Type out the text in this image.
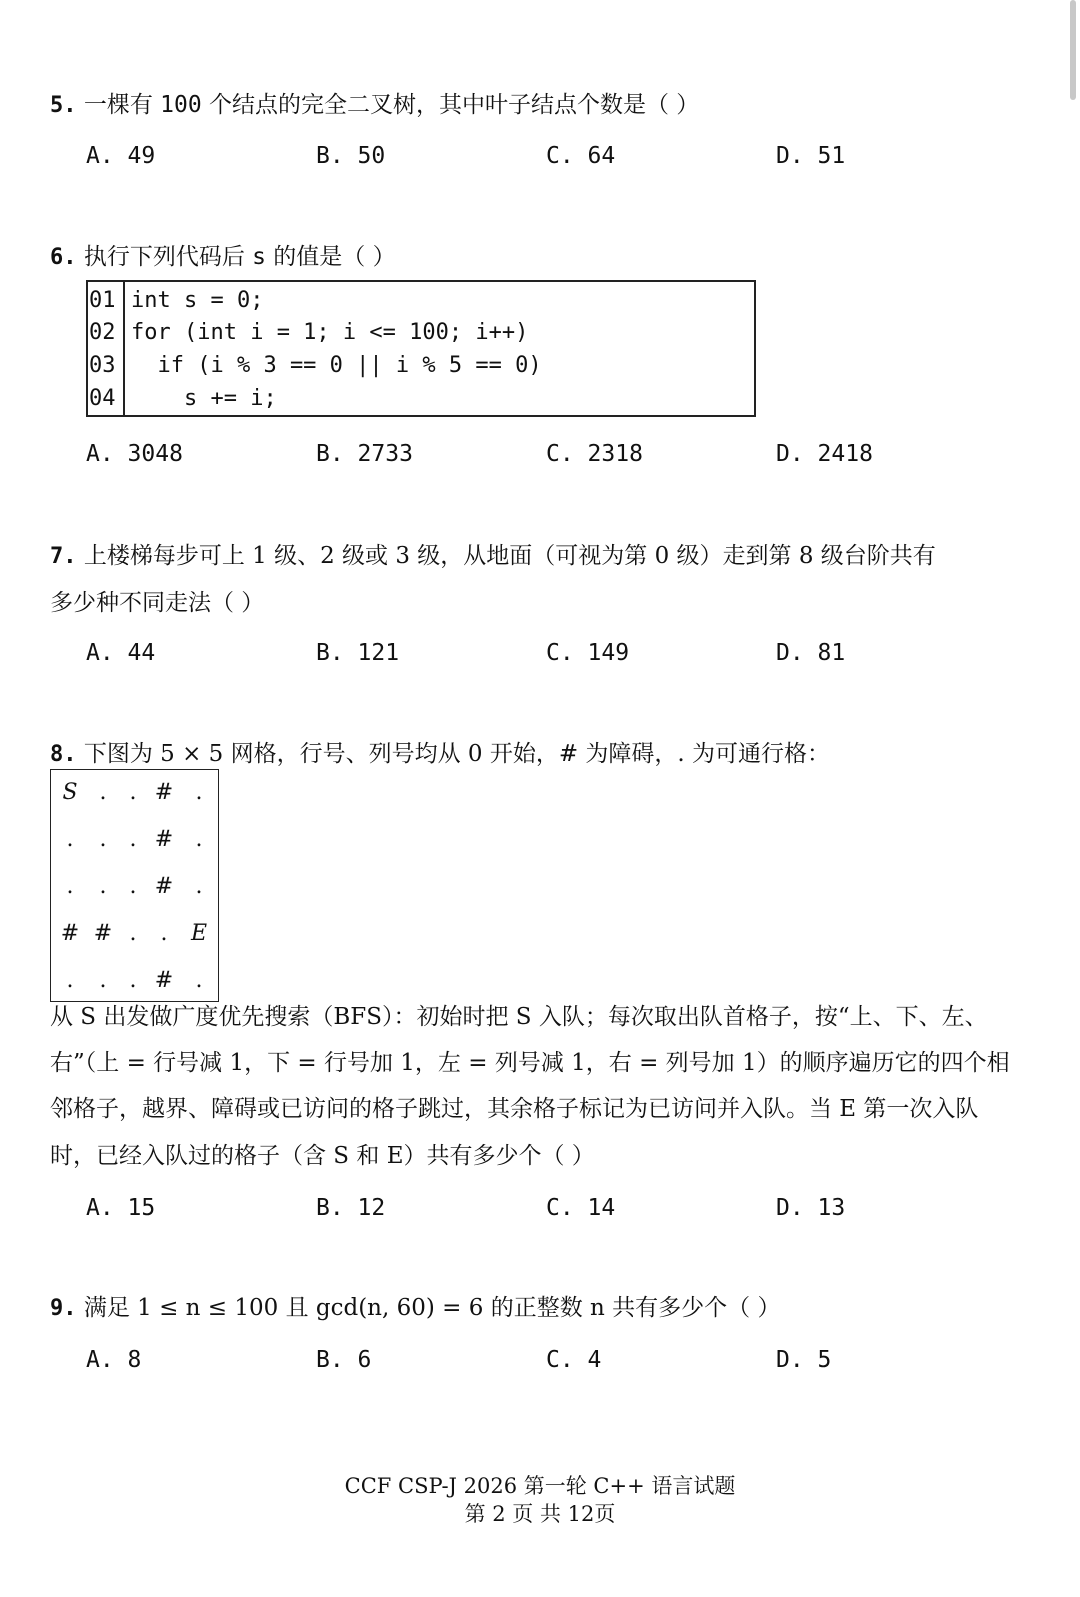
5. 一棵有 100 个结点的完全二叉树，其中叶子结点个数是（ ）
A. 49	B. 50	C. 64	D. 51
6. 执行下列代码后 s 的值是（ ）
01 int s = 0;
02 for (int i = 1; i <= 100; i++)
03 if (i % 3 == 0 || i % 5 == 0)
04 s += i;
A. 3048	B. 2733	C. 2318	D. 2418
7. 上楼梯每步可上 1 级、2 级或 3 级，从地面（可视为第 0 级）走到第 8 级台阶共有
多少种不同走法（ ）
A. 44	B. 121	C. 149	D. 81
8. 下图为 5 × 5 网格，行号、列号均从 0 开始，# 为障碍，. 为可通行格：
S .	. #	.
.	.	. #	.
.	.	. #	.
# # .	.	E
.	.	. #	.
从 S 出发做广度优先搜索（BFS）：初始时把 S 入队；每次取出队首格子，按“上、下、左、
右”（上 = 行号减 1，下 = 行号加 1，左 = 列号减 1，右 = 列号加 1）的顺序遍历它的四个相
邻格子，越界、障碍或已访问的格子跳过，其余格子标记为已访问并入队。当 E 第一次入队
时，已经入队过的格子（含 S 和 E）共有多少个（ ）
A. 15	B. 12	C. 14	D. 13
9. 满足 1 ≤ n ≤ 100 且 gcd(n, 60) = 6 的正整数 n 共有多少个（ ）
A. 8	B. 6	C. 4	D. 5
CCF CSP-J 2026 第一轮 C++ 语言试题
第 2 页 共 12页
